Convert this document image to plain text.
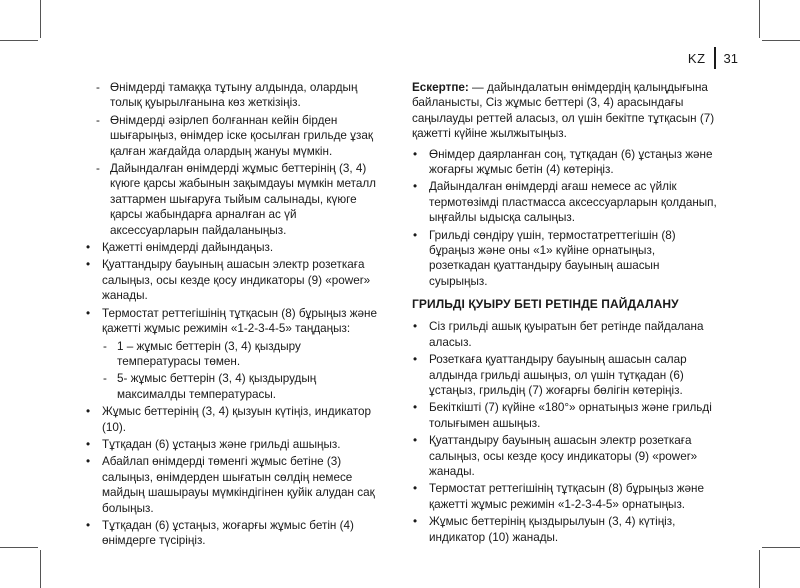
KZ	31
- Өнімдерді тамаққа тұтыну алдында, олардың толық қуырылғанына көз жеткізіңіз.
- Өнімдерді әзірлеп болғаннан кейін бірден шығарыңыз, өнімдер іске қосылған грильде ұзақ қалған жағдайда олардың жануы мүмкін.
- Дайындалған өнімдерді жұмыс беттерінің (3, 4) күюге қарсы жабынын зақымдауы мүмкін металл заттармен шығаруға тыйым салынады, күюге қарсы жабындарға арналған ас үй аксессуарларын пайдаланыңыз.
• Қажетті өнімдерді дайындаңыз.
• Қуаттандыру бауының ашасын электр розеткаға салыңыз, осы кезде қосу индикаторы (9) «power» жанады.
• Термостат реттегішінің тұтқасын (8) бұрыңыз және қажетті жұмыс режимін «1-2-3-4-5» таңдаңыз:
- 1 – жұмыс беттерін (3, 4) қыздыру температурасы төмен.
- 5- жұмыс беттерін (3, 4) қыздырудың максималды температурасы.
• Жұмыс беттерінің (3, 4) қызуын күтіңіз, индикатор (10).
• Тұтқадан (6) ұстаңыз және грильді ашыңыз.
• Абайлап өнімдерді төменгі жұмыс бетіне (3) салыңыз, өнімдерден шығатын сөлдің немесе майдың шашырауы мүмкіндігінен қуйік алудан сақ болыңыз.
• Тұтқадан (6) ұстаңыз, жоғарғы жұмыс бетін (4) өнімдерге түсіріңіз.

Ескертпе: — дайындалатын өнімдердің қалыңдығына байланысты, Сіз жұмыс беттері (3, 4) арасындағы саңылауды реттей аласыз, ол үшін бекітпе тұтқасын (7) қажетті күйіне жылжытыңыз.

• Өнімдер даярланған соң, тұтқадан (6) ұстаңыз және жоғарғы жұмыс бетін (4) көтеріңіз.
• Дайындалған өнімдерді ағаш немесе ас үйлік термотөзімді пластмасса аксессуарларын қолданып, ыңғайлы ыдысқа салыңыз.
• Грильді сөндіру үшін, термостатреттегішін (8) бұраңыз және оны «1» күйіне орнатыңыз, розеткадан қуаттандыру бауының ашасын суырыңыз.
ГРИЛЬДІ ҚУЫРУ БЕТІ РЕТІНДЕ ПАЙДАЛАНУ
• Сіз грильді ашық қуыратын бет ретінде пайдалана аласыз.
• Розеткаға қуаттандыру бауының ашасын салар алдында грильді ашыңыз, ол үшін тұтқадан (6) ұстаңыз, грильдің (7) жоғарғы бөлігін көтеріңіз.
• Бекіткішті (7) күйіне «180°» орнатыңыз және грильді толығымен ашыңыз.
• Қуаттандыру бауының ашасын электр розеткаға салыңыз, осы кезде қосу индикаторы (9) «power» жанады.
• Термостат реттегішінің тұтқасын (8) бұрыңыз және қажетті жұмыс режимін «1-2-3-4-5» орнатыңыз.
• Жұмыс беттерінің қыздырылуын (3, 4) күтіңіз, индикатор (10) жанады.
